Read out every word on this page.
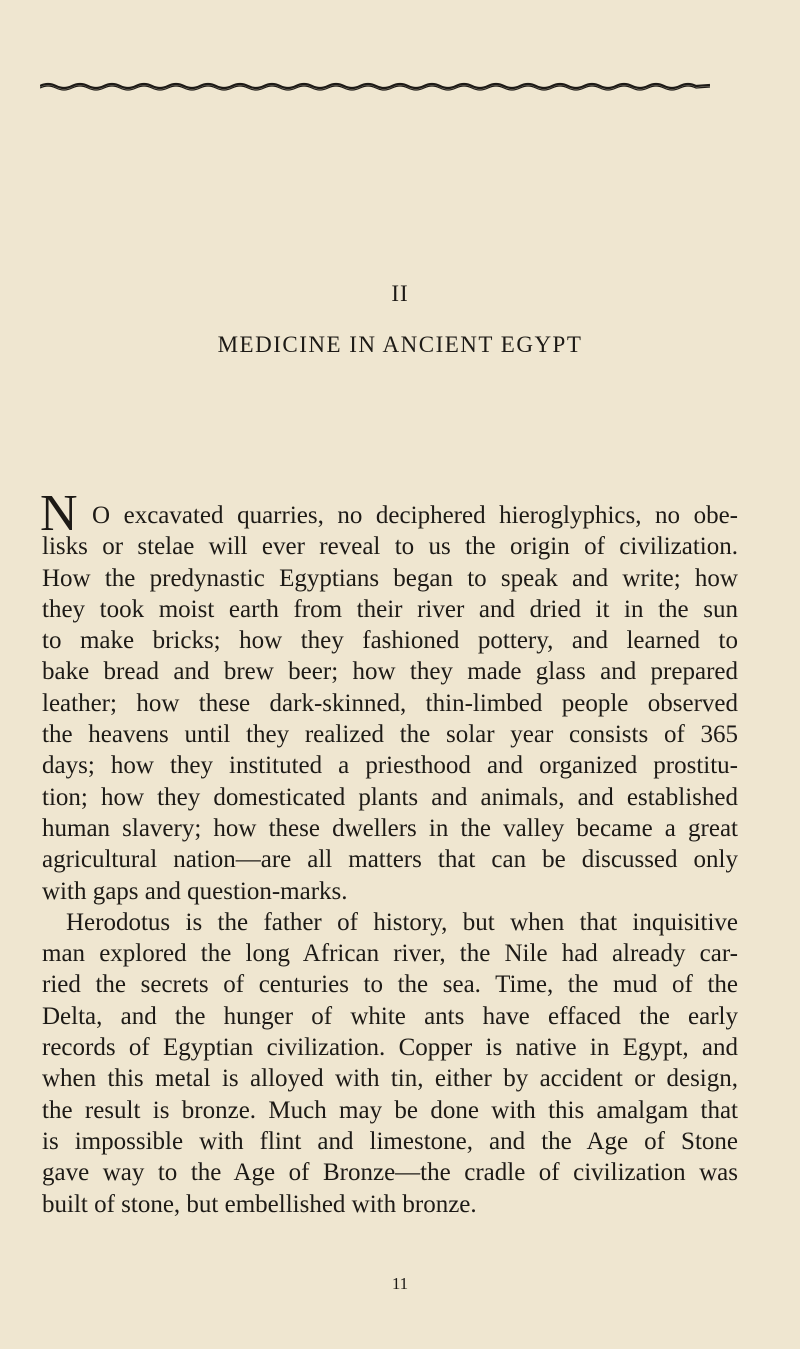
II
MEDICINE IN ANCIENT EGYPT
N O excavated quarries, no deciphered hieroglyphics, no obe-
lisks or stelae will ever reveal to us the origin of civilization.
How the predynastic Egyptians began to speak and write; how
they took moist earth from their river and dried it in the sun
to make bricks; how they fashioned pottery, and learned to
bake bread and brew beer; how they made glass and prepared
leather; how these dark-skinned, thin-limbed people observed
the heavens until they realized the solar year consists of 365
days; how they instituted a priesthood and organized prostitu-
tion; how they domesticated plants and animals, and established
human slavery; how these dwellers in the valley became a great
agricultural nation—are all matters that can be discussed only
with gaps and question-marks.
Herodotus is the father of history, but when that inquisitive
man explored the long African river, the Nile had already car-
ried the secrets of centuries to the sea. Time, the mud of the
Delta, and the hunger of white ants have effaced the early
records of Egyptian civilization. Copper is native in Egypt, and
when this metal is alloyed with tin, either by accident or design,
the result is bronze. Much may be done with this amalgam that
is impossible with flint and limestone, and the Age of Stone
gave way to the Age of Bronze—the cradle of civilization was
built of stone, but embellished with bronze.
11
